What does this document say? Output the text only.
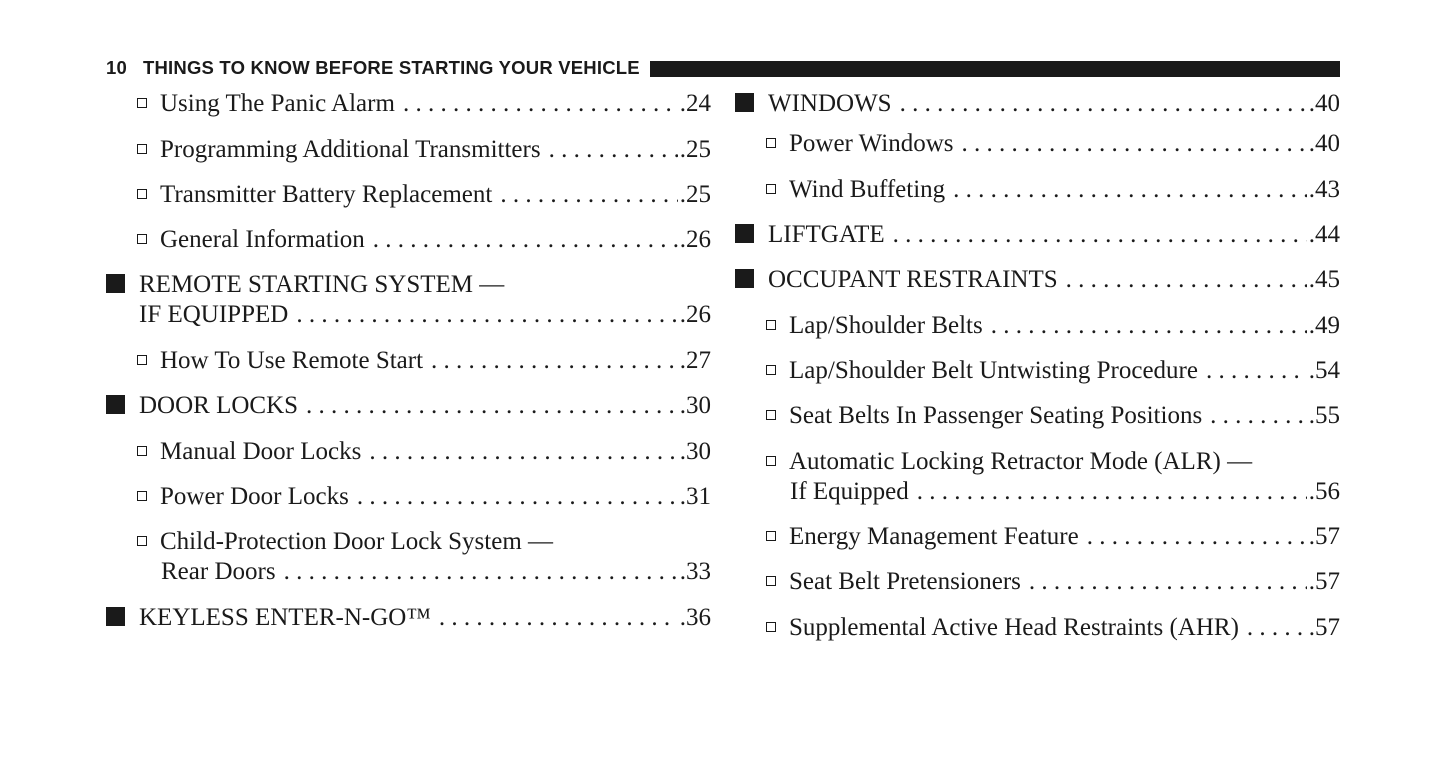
10 THINGS TO KNOW BEFORE STARTING YOUR VEHICLE
Using The Panic Alarm . . .	.24
Programming Additional Transmitters . . .	.25
Transmitter Battery Replacement . . .	.25
General Information . . .	.26
REMOTE STARTING SYSTEM —
IF EQUIPPED . . .	.26
How To Use Remote Start . . .	.27
DOOR LOCKS . . .	.30
Manual Door Locks . . .	.30
Power Door Locks . . .	.31
Child-Protection Door Lock System —
Rear Doors . . .	.33
KEYLESS ENTER-N-GO™ . . .	.36
WINDOWS . . .	.40
Power Windows . . .	.40
Wind Buffeting . . .	.43
LIFTGATE . . .	.44
OCCUPANT RESTRAINTS . . .	.45
Lap/Shoulder Belts . . .	.49
Lap/Shoulder Belt Untwisting Procedure . . .	.54
Seat Belts In Passenger Seating Positions . . .	.55
Automatic Locking Retractor Mode (ALR) —
If Equipped . . .	.56
Energy Management Feature . . .	.57
Seat Belt Pretensioners . . .	.57
Supplemental Active Head Restraints (AHR) . . .	.57
